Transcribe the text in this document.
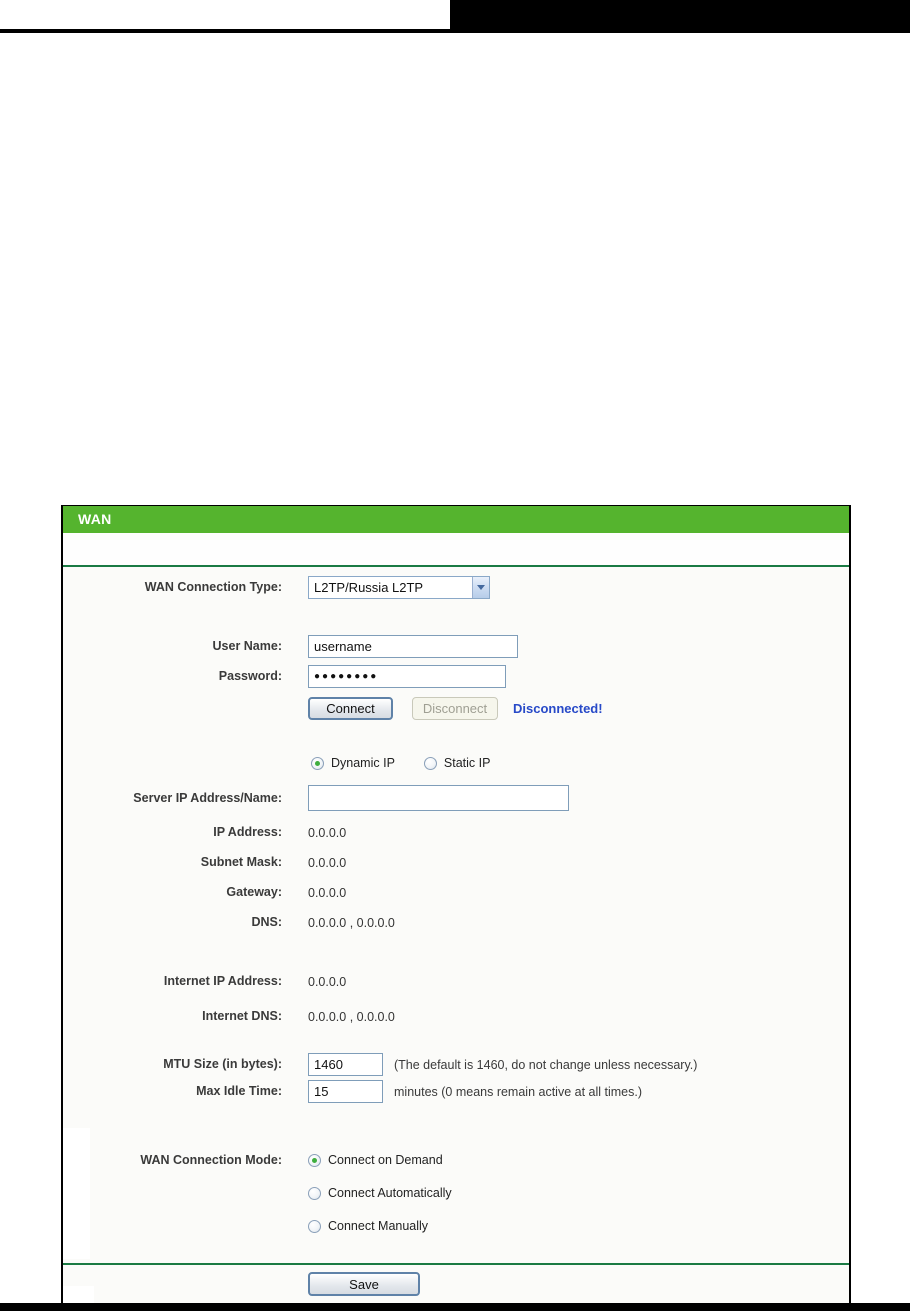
WAN
WAN Connection Type:	L2TP/Russia L2TP
User Name:
username
Password:
●●●●●●●●
Connect	Disconnect	Disconnected!
Dynamic IP	Static IP
Server IP Address/Name:
IP Address:	0.0.0.0
Subnet Mask:	0.0.0.0
Gateway:	0.0.0.0
DNS:	0.0.0.0 , 0.0.0.0
Internet IP Address:	0.0.0.0
Internet DNS:	0.0.0.0 , 0.0.0.0
MTU Size (in bytes):
1460	(The default is 1460, do not change unless necessary.)
Max Idle Time:
15	minutes (0 means remain active at all times.)
WAN Connection Mode:	Connect on Demand
Connect Automatically
Connect Manually
Save
